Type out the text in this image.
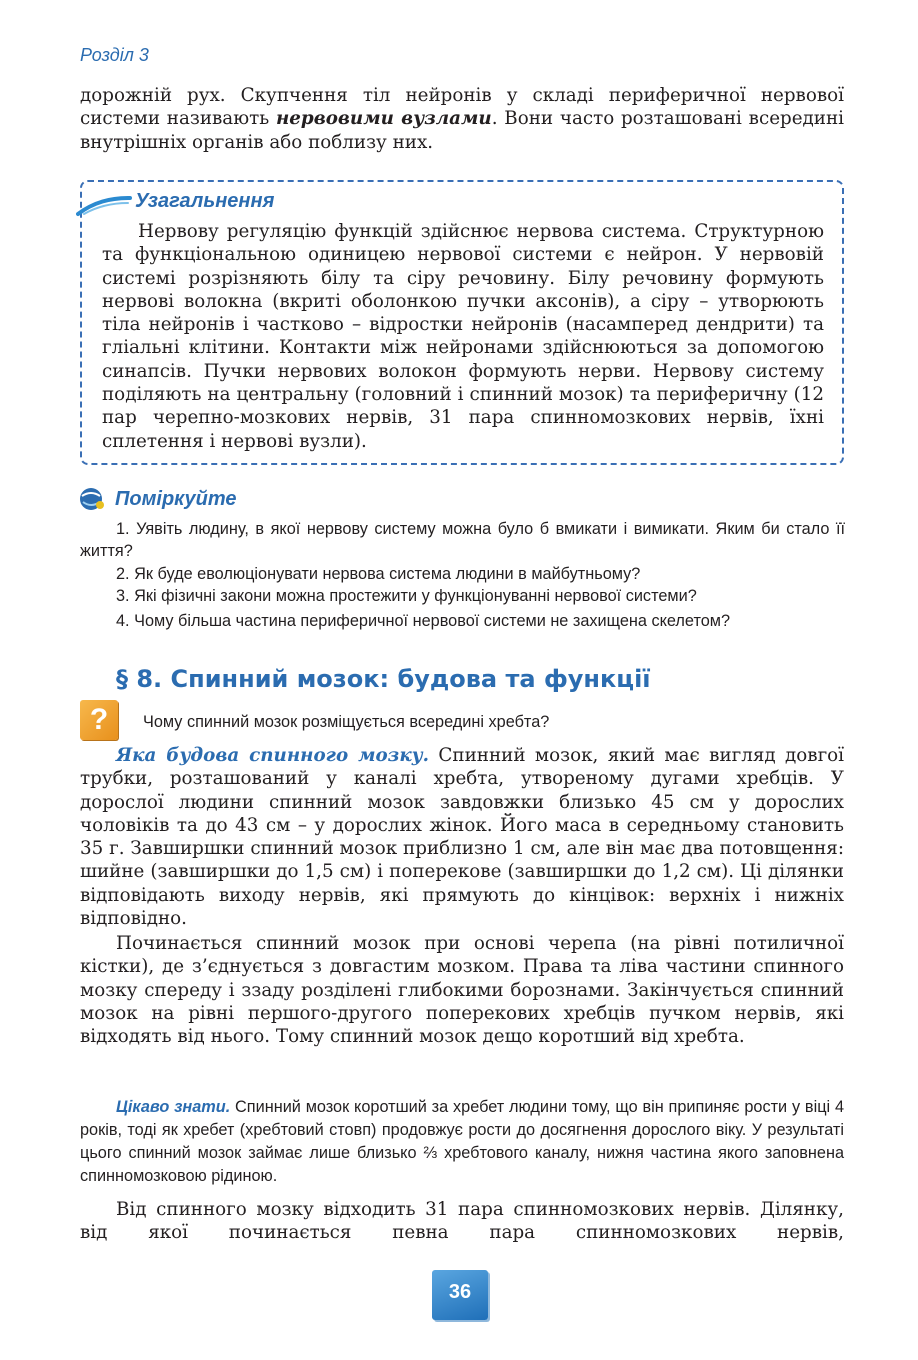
Розділ 3

дорожній рух. Скупчення тіл нейронів у складі периферичної нервової системи називають нервовими вузлами. Вони часто розташовані всередині внутрішніх органів або поблизу них.

Узагальнення

Нервову регуляцію функцій здійснює нервова система. Структурною та функціональною одиницею нервової системи є нейрон. У нервовій системі розрізняють білу та сіру речовину. Білу речовину формують нервові волокна (вкриті оболонкою пучки аксонів), а сіру – утворюють тіла нейронів і частково – відростки нейронів (насамперед дендрити) та гліальні клітини. Контакти між нейронами здійснюються за допомогою синапсів. Пучки нервових волокон формують нерви. Нервову систему поділяють на центральну (головний і спинний мозок) та периферичну (12 пар черепно-мозкових нервів, 31 пара спинномозкових нервів, їхні сплетення і нервові вузли).

Поміркуйте

1. Уявіть людину, в якої нервову систему можна було б вмикати і вимикати. Яким би стало її життя?

2. Як буде еволюціонувати нервова система людини в майбутньому?

3. Які фізичні закони можна простежити у функціонуванні нервової системи?

4. Чому більша частина периферичної нервової системи не захищена скелетом?

§ 8. Спинний мозок: будова та функції
?	Чому спинний мозок розміщується всередині хребта?

Яка будова спинного мозку. Спинний мозок, який має вигляд довгої трубки, розташований у каналі хребта, утвореному дугами хребців. У дорослої людини спинний мозок завдовжки близько 45 см у дорослих чоловіків та до 43 см – у дорослих жінок. Його маса в середньому становить 35 г. Завширшки спинний мозок приблизно 1 см, але він має два потовщення: шийне (завширшки до 1,5 см) і поперекове (завширшки до 1,2 см). Ці ділянки відповідають виходу нервів, які прямують до кінцівок: верхніх і нижніх відповідно.

Починається спинний мозок при основі черепа (на рівні потиличної кістки), де з’єднується з довгастим мозком. Права та ліва частини спинного мозку спереду і ззаду розділені глибокими борознами. Закінчується спинний мозок на рівні першого-другого поперекових хребців пучком нервів, які відходять від нього. Тому спинний мозок дещо коротший від хребта.

Цікаво знати. Спинний мозок коротший за хребет людини тому, що він припиняє рости у віці 4 років, тоді як хребет (хребтовий стовп) продовжує рости до досягнення дорослого віку. У результаті цього спинний мозок займає лише близько ⅔ хребтового каналу, нижня частина якого заповнена спинномозковою рідиною.

Від спинного мозку відходить 31 пара спинномозкових нервів. Ділянку, від якої починається певна пара спинномозкових нервів,

36
